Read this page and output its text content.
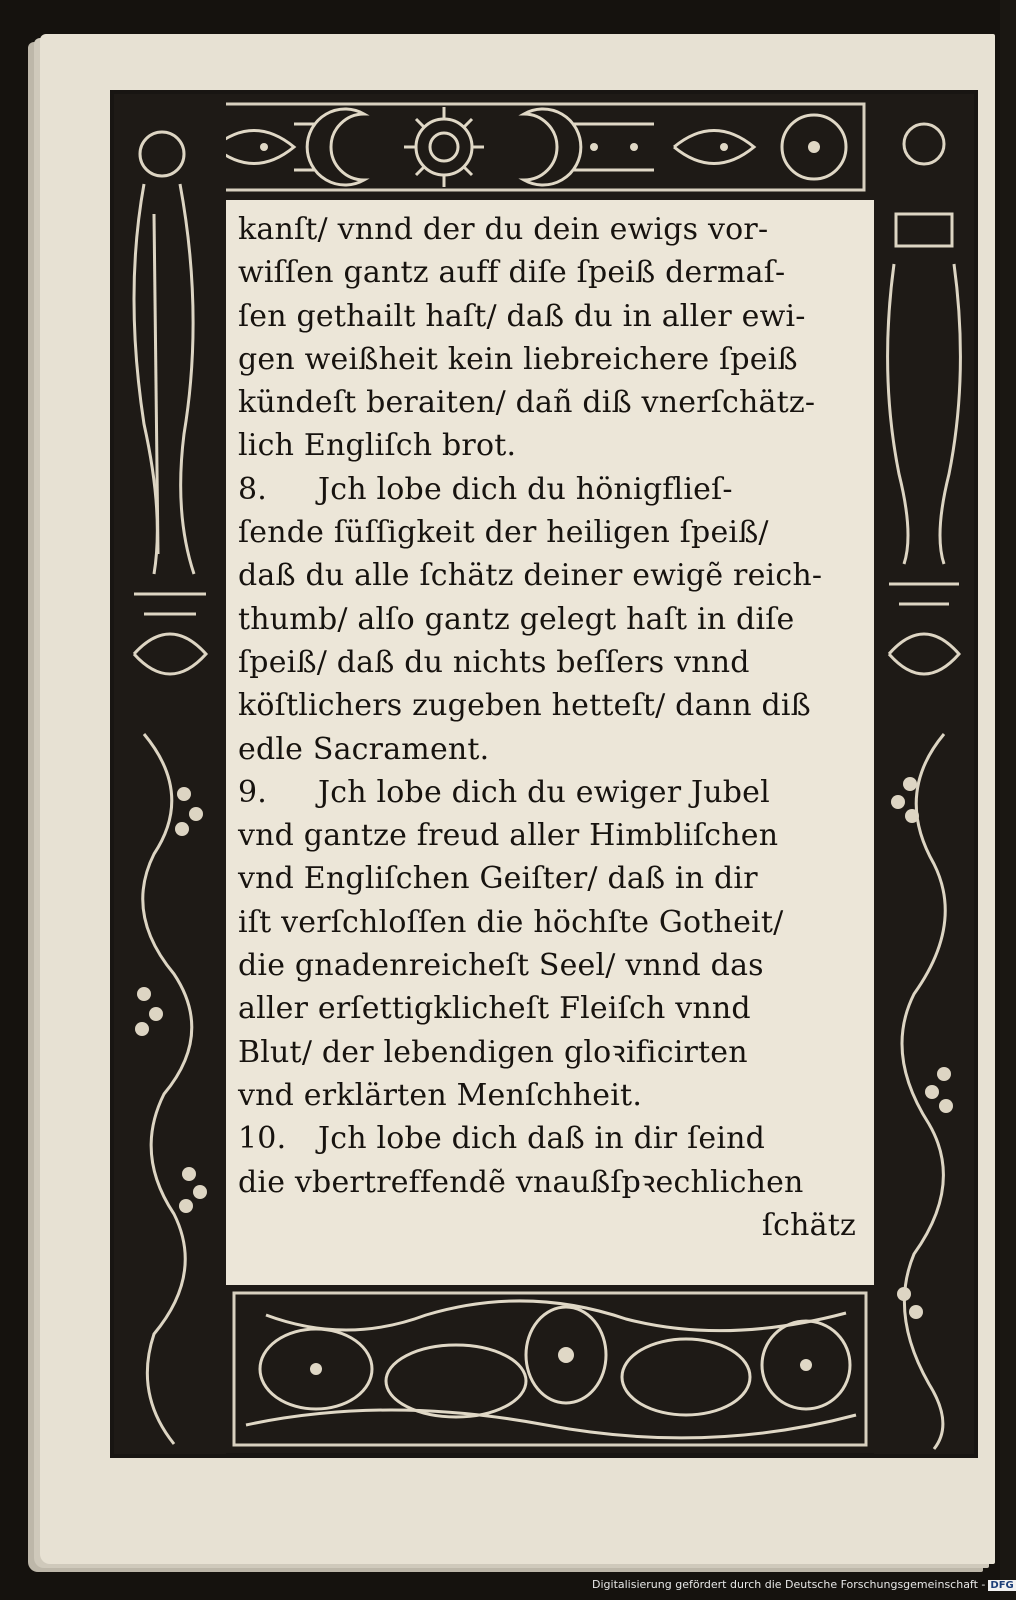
kanſt/ vnnd der du dein ewigs vor-
wiſſen gantz auff diſe ſpeiß dermaſ-
ſen gethailt haſt/ daß du in aller ewi-
gen weißheit kein liebreichere ſpeiß
kündeſt beraiten/ dañ diß vnerſchätz-
lich Engliſch brot.
8. Jch lobe dich du hönigflieſ-
ſende ſüſſigkeit der heiligen ſpeiß/
daß du alle ſchätz deiner ewigẽ reich-
thumb/ alſo gantz gelegt haſt in diſe
ſpeiß/ daß du nichts beſſers vnnd
köſtlichers zugeben hetteſt/ dann diß
edle Sacrament.
9. Jch lobe dich du ewiger Jubel
vnd gantze freud aller Himbliſchen
vnd Engliſchen Geiſter/ daß in dir
iſt verſchloſſen die höchſte Gotheit/
die gnadenreicheſt Seel/ vnnd das
aller erſettigklicheſt Fleiſch vnnd
Blut/ der lebendigen gloꝛificirten
vnd erklärten Menſchheit.
10. Jch lobe dich daß in dir ſeind
die vbertreffendẽ vnaußſpꝛechlichen
ſchätz
Digitalisierung gefördert durch die Deutsche Forschungsgemeinschaft - DFG
